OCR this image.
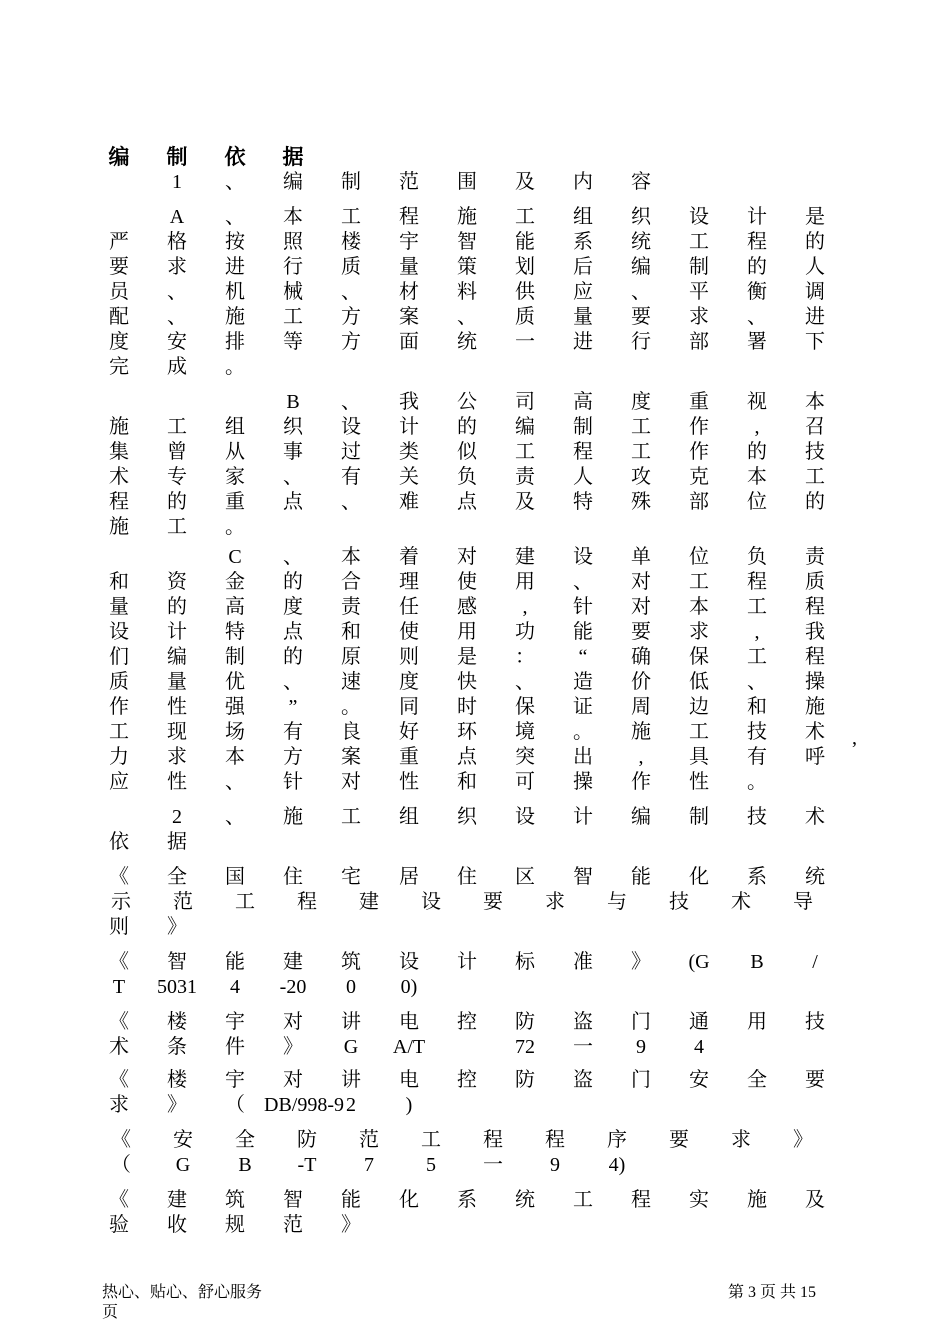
编	制	依	据
1	、	编	制	范	围	及	内	容
A	、	本	工	程	施	工	组	织	设	计	是
严	格	按	照	楼	宇	智	能	系	统	工	程	的
要	求	进	行	质	量	策	划	后	编	制	的	人
员	、	机	械	、	材	料	供	应	、	平	衡	调
配	、	施	工	方	案	、	质	量	要	求	、	进
度	安	排	等	方	面	统	一	进	行	部	署	下
完	成	。
B	、	我	公	司	高	度	重	视	本
施	工	组	织	设	计	的	编	制	工	作	,	召
集	曾	从	事	过	类	似	工	程	工	作	的	技
术	专	家	、	有	关	负	责	人	攻	克	本	工
程	的	重	点	、	难	点	及	特	殊	部	位	的
施	工	。
C	、	本	着	对	建	设	单	位	负	责
和	资	金	的	合	理	使	用	、	对	工	程	质
量	的	高	度	责	任	感	,	针	对	本	工	程
设	计	特	点	和	使	用	功	能	要	求	,	我
们	编	制	的	原	则	是	：	“	确	保	工	程
质	量	优	、	速	度	快	、	造	价	低	、	操
作	性	强	”	。	同	时	保	证	周	边	和	施
工	现	场	有	良	好	环	境	。	施	工	技	术
力	求	本	方	案	重	点	突	出	,	具	有	呼
应	性	、	针	对	性	和	可	操	作	性	。
2	、	施	工	组	织	设	计	编	制	技	术
依	据
《	全	国	住	宅	居	住	区	智	能	化	系	统
示	范	工	程	建	设	要	求	与	技	术	导
则	》
《	智	能	建	筑	设	计	标	准	》	(G	B	/
T	5031	4	-20	0	0)
《	楼	宇	对	讲	电	控	防	盗	门	通	用	技
术	条	件	》	G	A/T	72	一	9	4
《	楼	宇	对	讲	电	控	防	盗	门	安	全	要
求	》	（ DB/998-9 2	)
《	安	全	防	范	工	程	程	序	要	求	》
（	G	B	-T	7	5	一	9	4)
《	建	筑	智	能	化	系	统	工	程	实	施	及
验	收	规	范	》
,
热心、贴心、舒心服务
页
第 3 页 共 15
